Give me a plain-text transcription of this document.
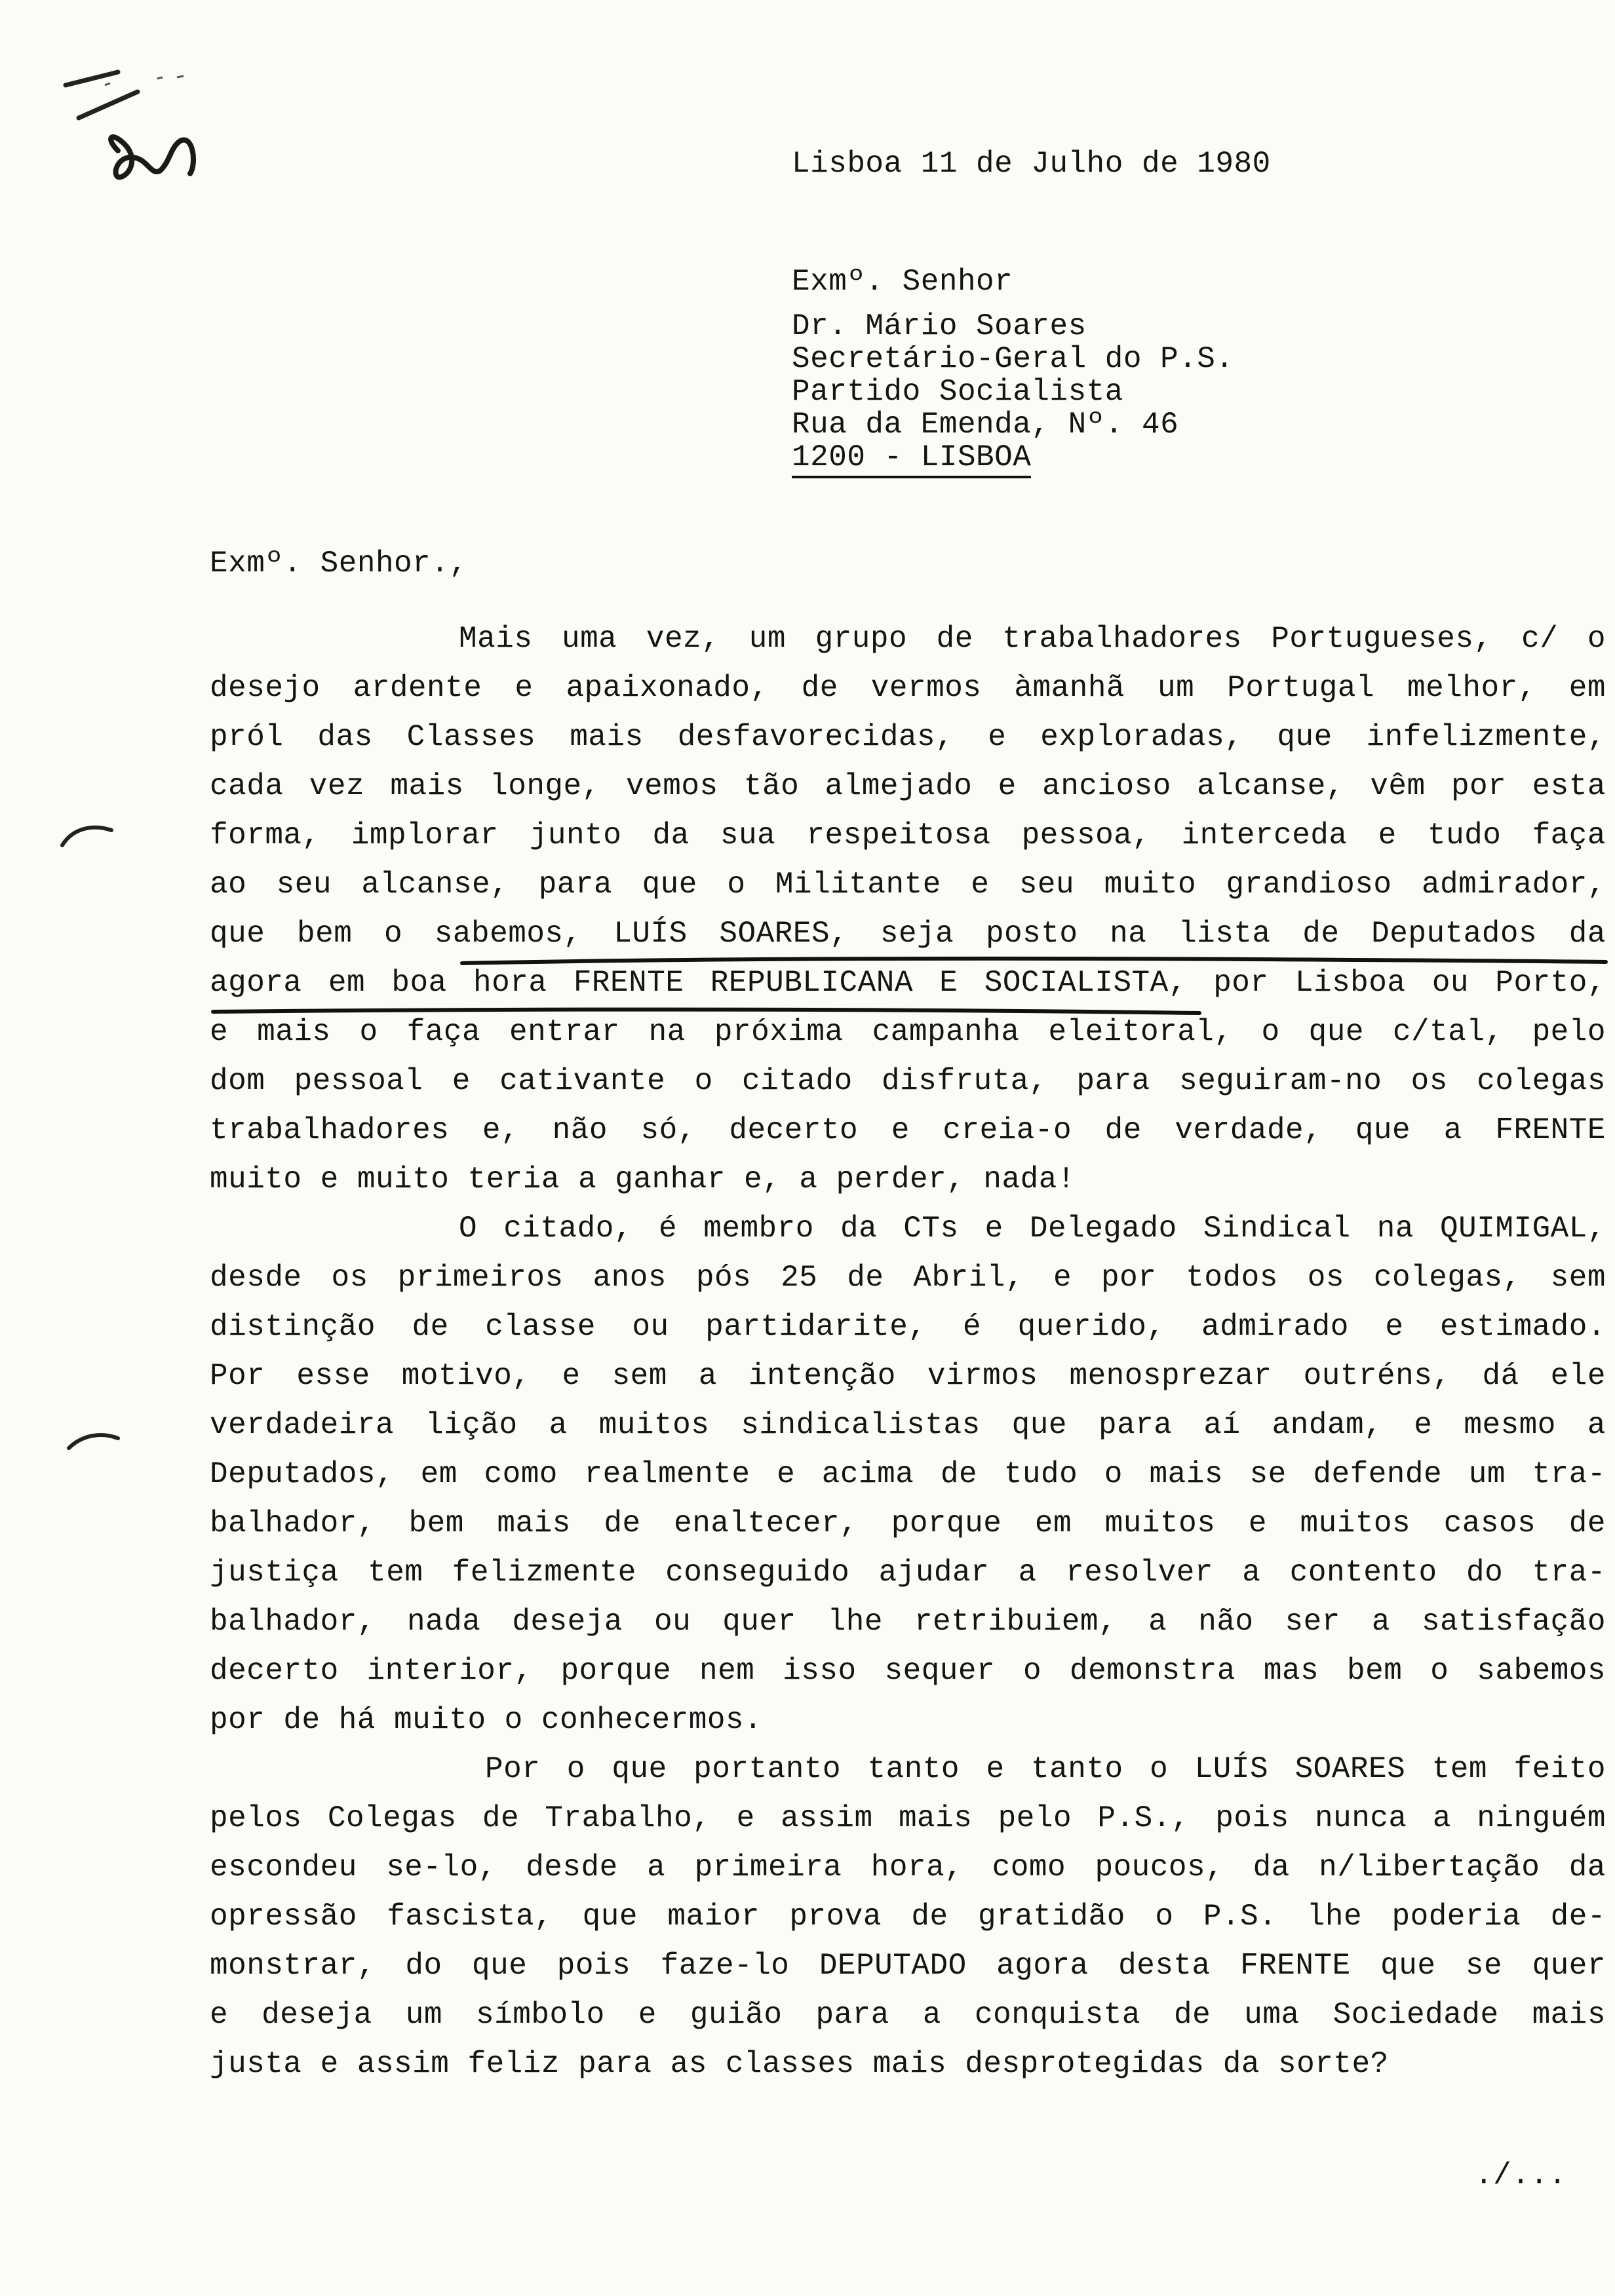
Lisboa 11 de Julho de 1980
Exmº. Senhor
Dr. Mário Soares
Secretário-Geral do P.S.
Partido Socialista
Rua da Emenda, Nº. 46
1200 - LISBOA
Exmº. Senhor.,
Mais uma vez, um grupo de trabalhadores Portugueses, c/ o
desejo ardente e apaixonado, de vermos àmanhã um Portugal melhor, em
pról das Classes mais desfavorecidas, e exploradas, que infelizmente,
cada vez mais longe, vemos tão almejado e ancioso alcanse, vêm por esta
forma, implorar junto da sua respeitosa pessoa, interceda e tudo faça
ao seu alcanse, para que o Militante e seu muito grandioso admirador,
que bem o sabemos, LUÍS SOARES, seja posto na lista de Deputados da
agora em boa hora FRENTE REPUBLICANA E SOCIALISTA, por Lisboa ou Porto,
e mais o faça entrar na próxima campanha eleitoral, o que c/tal, pelo
dom pessoal e cativante o citado disfruta, para seguiram-no os colegas
trabalhadores e, não só, decerto e creia-o de verdade, que a FRENTE
muito e muito teria a ganhar e, a perder, nada!
O citado, é membro da CTs e Delegado Sindical na QUIMIGAL,
desde os primeiros anos pós 25 de Abril, e por todos os colegas, sem
distinção de classe ou partidarite, é querido, admirado e estimado.
Por esse motivo, e sem a intenção virmos menosprezar outréns, dá ele
verdadeira lição a muitos sindicalistas que para aí andam, e mesmo a
Deputados, em como realmente e acima de tudo o mais se defende um tra-
balhador, bem mais de enaltecer, porque em muitos e muitos casos de
justiça tem felizmente conseguido ajudar a resolver a contento do tra-
balhador, nada deseja ou quer lhe retribuiem, a não ser a satisfação
decerto interior, porque nem isso sequer o demonstra mas bem o sabemos
por de há muito o conhecermos.
Por o que portanto tanto e tanto o LUÍS SOARES tem feito
pelos Colegas de Trabalho, e assim mais pelo P.S., pois nunca a ninguém
escondeu se-lo, desde a primeira hora, como poucos, da n/libertação da
opressão fascista, que maior prova de gratidão o P.S. lhe poderia de-
monstrar, do que pois faze-lo DEPUTADO agora desta FRENTE que se quer
e deseja um símbolo e guião para a conquista de uma Sociedade mais
justa e assim feliz para as classes mais desprotegidas da sorte?
./...
